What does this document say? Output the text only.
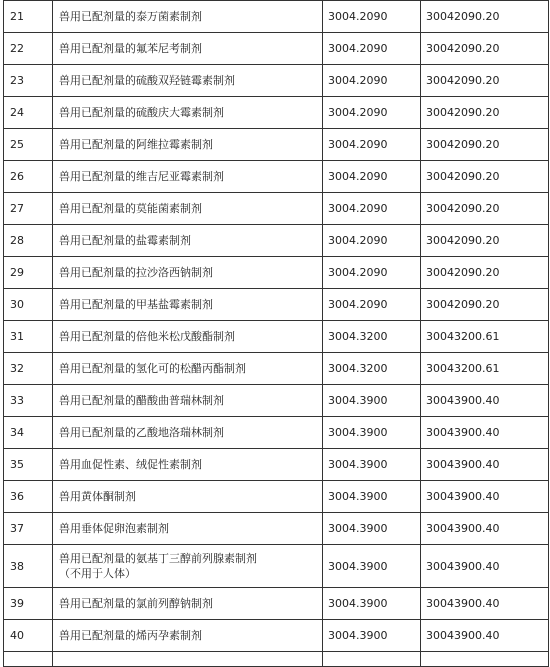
21	兽用已配剂量的泰万菌素制剂	3004.2090	30042090.20
22	兽用已配剂量的氟苯尼考制剂	3004.2090	30042090.20
23	兽用已配剂量的硫酸双羟链霉素制剂	3004.2090	30042090.20
24	兽用已配剂量的硫酸庆大霉素制剂	3004.2090	30042090.20
25	兽用已配剂量的阿维拉霉素制剂	3004.2090	30042090.20
26	兽用已配剂量的维吉尼亚霉素制剂	3004.2090	30042090.20
27	兽用已配剂量的莫能菌素制剂	3004.2090	30042090.20
28	兽用已配剂量的盐霉素制剂	3004.2090	30042090.20
29	兽用已配剂量的拉沙洛西钠制剂	3004.2090	30042090.20
30	兽用已配剂量的甲基盐霉素制剂	3004.2090	30042090.20
31	兽用已配剂量的倍他米松戊酸酯制剂	3004.3200	30043200.61
32	兽用已配剂量的氢化可的松醋丙酯制剂	3004.3200	30043200.61
33	兽用已配剂量的醋酸曲普瑞林制剂	3004.3900	30043900.40
34	兽用已配剂量的乙酸地洛瑞林制剂	3004.3900	30043900.40
35	兽用血促性素、绒促性素制剂	3004.3900	30043900.40
36	兽用黄体酮制剂	3004.3900	30043900.40
37	兽用垂体促卵泡素制剂	3004.3900	30043900.40
38	兽用已配剂量的氨基丁三醇前列腺素制剂
（不用于人体）	3004.3900	30043900.40
39	兽用已配剂量的氯前列醇钠制剂	3004.3900	30043900.40
40	兽用已配剂量的烯丙孕素制剂	3004.3900	30043900.40
